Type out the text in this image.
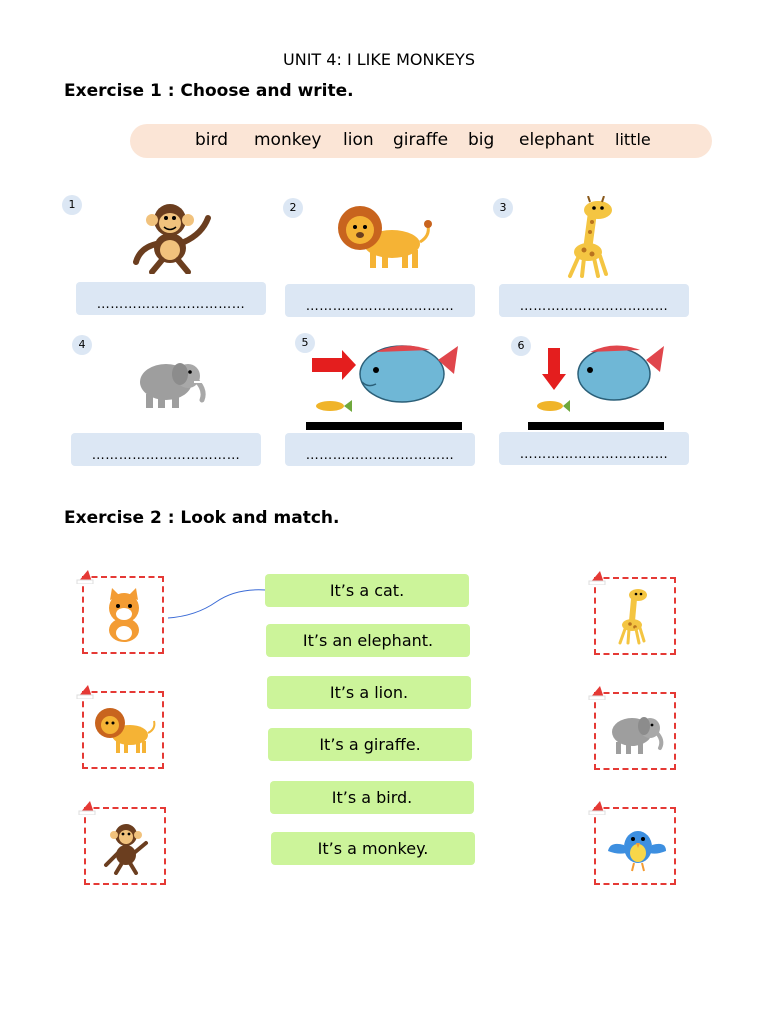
UNIT 4: I LIKE MONKEYS
Exercise 1 : Choose and write.
bird monkey lion giraffe big elephant little
1
……………………………
2
……………………………
3
……………………………
4
……………………………
5
……………………………
6
……………………………
Exercise 2 : Look and match.
It’s a cat.
It’s an elephant.
It’s a lion.
It’s a giraffe.
It’s a bird.
It’s a monkey.
